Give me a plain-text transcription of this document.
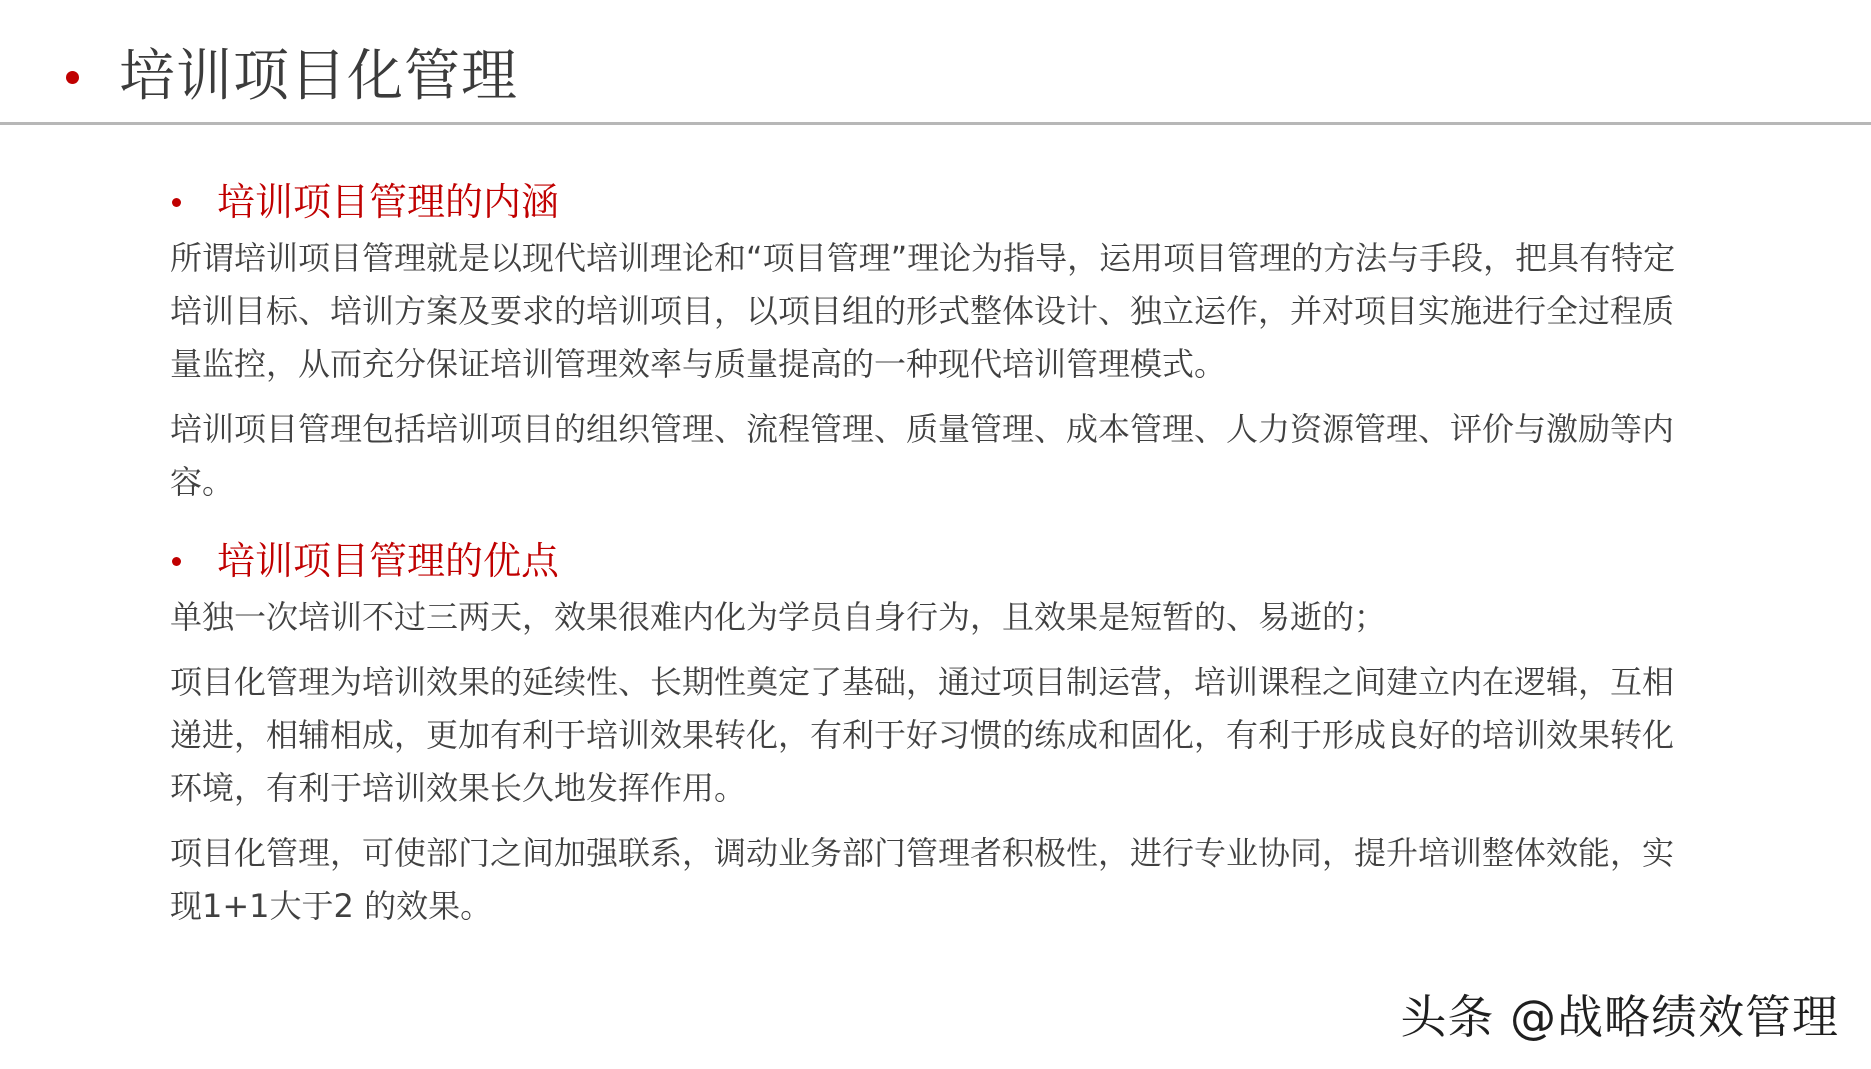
培训项目化管理
培训项目管理的内涵

所谓培训项目管理就是以现代培训理论和“项目管理”理论为指导，运用项目管理的方法与手段，把具有特定培训目标、培训方案及要求的培训项目，以项目组的形式整体设计、独立运作，并对项目实施进行全过程质量监控，从而充分保证培训管理效率与质量提高的一种现代培训管理模式。

培训项目管理包括培训项目的组织管理、流程管理、质量管理、成本管理、人力资源管理、评价与激励等内容。

培训项目管理的优点

单独一次培训不过三两天，效果很难内化为学员自身行为，且效果是短暂的、易逝的；

项目化管理为培训效果的延续性、长期性奠定了基础，通过项目制运营，培训课程之间建立内在逻辑，互相递进，相辅相成，更加有利于培训效果转化，有利于好习惯的练成和固化，有利于形成良好的培训效果转化环境，有利于培训效果长久地发挥作用。

项目化管理，可使部门之间加强联系，调动业务部门管理者积极性，进行专业协同，提升培训整体效能，实现1+1大于2 的效果。

头条 @战略绩效管理
